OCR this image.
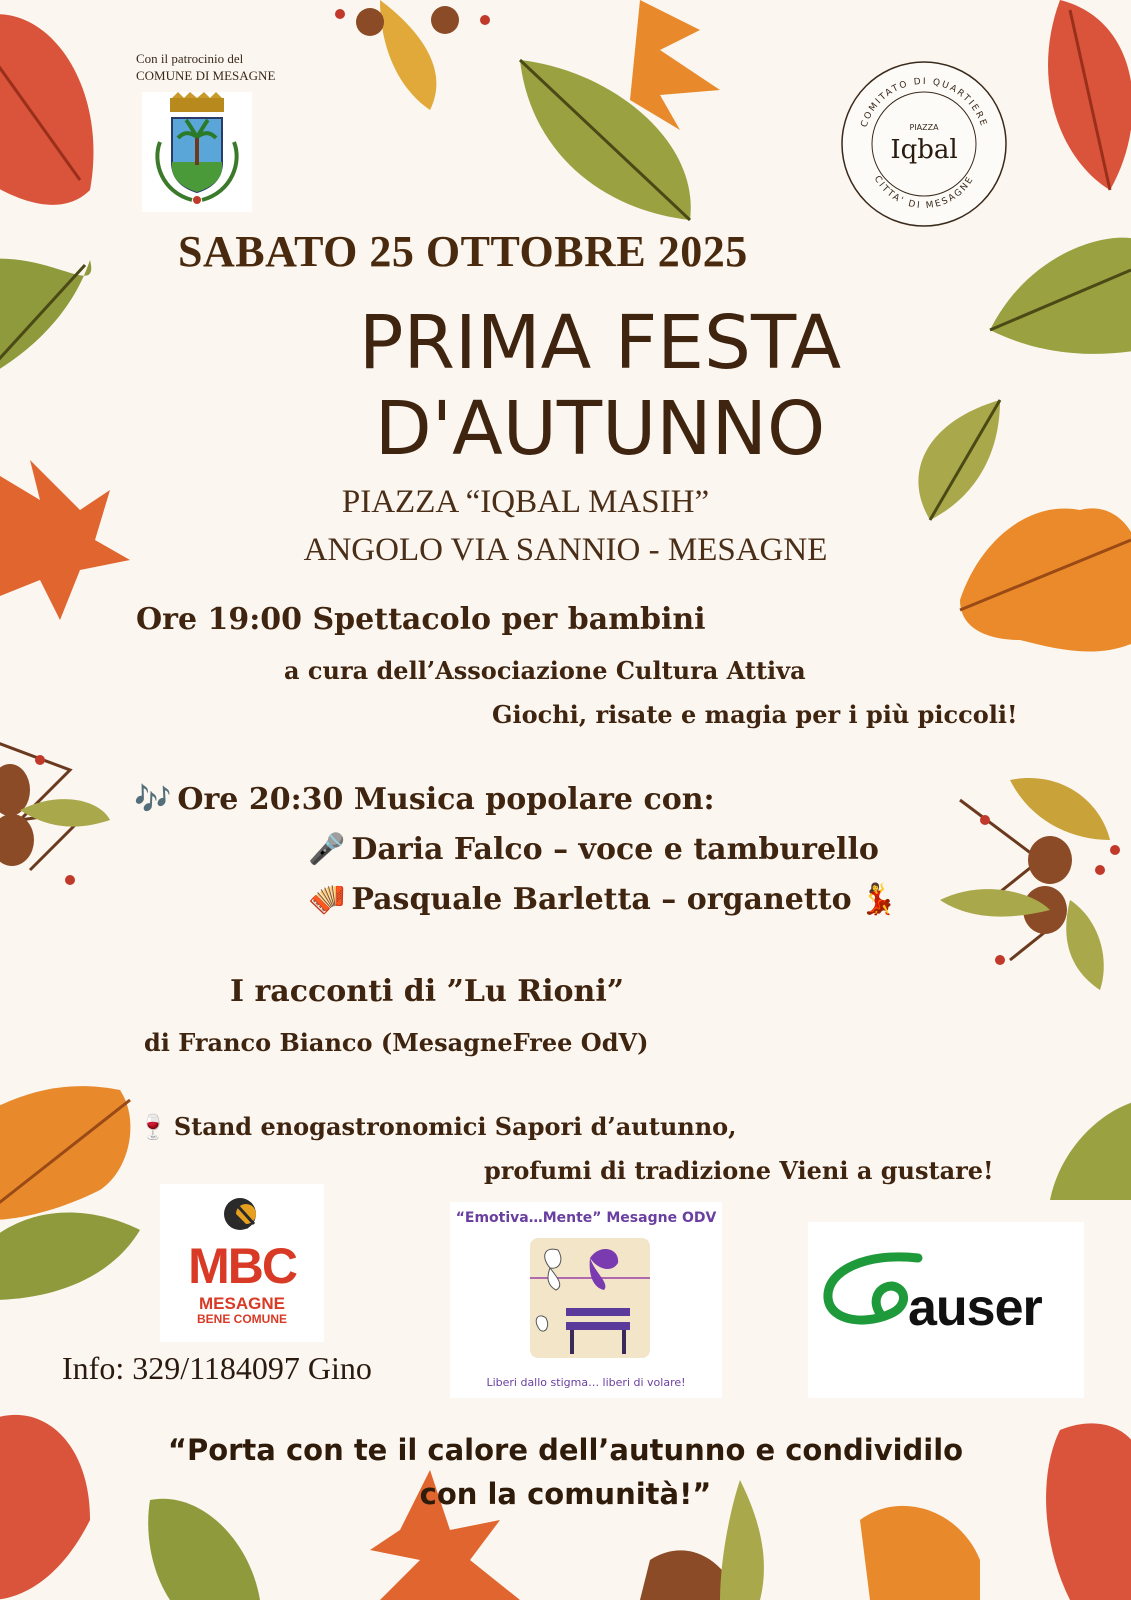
Con il patrocinio del
COMUNE DI MESAGNE
COMITATO DI QUARTIERE
CITTA' DI MESAGNE
PIAZZA
Iqbal
SABATO 25 OTTOBRE 2025
PRIMA FESTA
D'AUTUNNO
PIAZZA “IQBAL MASIH”
ANGOLO VIA SANNIO - MESAGNE
Ore 19:00 Spettacolo per bambini
a cura dell’Associazione Cultura Attiva
Giochi, risate e magia per i più piccoli!
🎶 Ore 20:30 Musica popolare con:
🎤 Daria Falco – voce e tamburello
🪗 Pasquale Barletta – organetto 💃
I racconti di ”Lu Rioni”
di Franco Bianco (MesagneFree OdV)
🍷 Stand enogastronomici Sapori d’autunno,
profumi di tradizione Vieni a gustare!
MBC
MESAGNE
BENE COMUNE
“Emotiva…Mente” Mesagne ODV
Liberi dallo stigma… liberi di volare!
auser
Info: 329/1184097 Gino
“Porta con te il calore dell’autunno e condividilo
con la comunità!”
